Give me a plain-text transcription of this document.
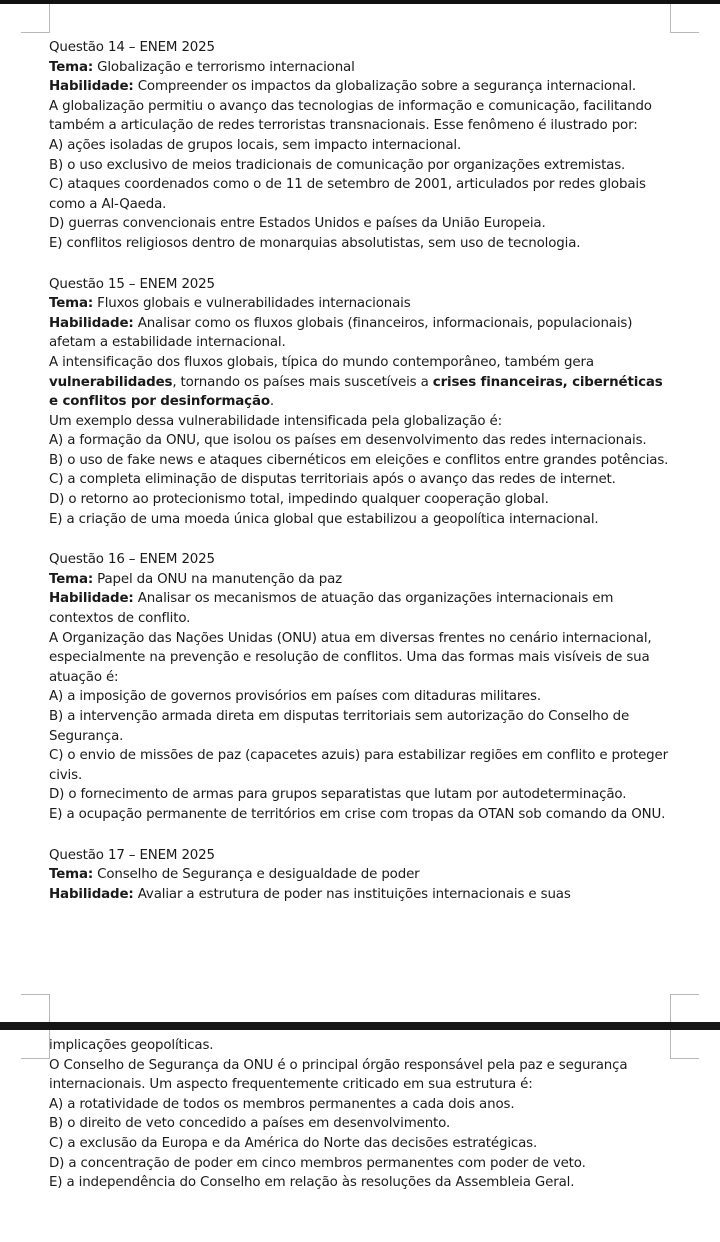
Questão 14 – ENEM 2025

Tema: Globalização e terrorismo internacional

Habilidade: Compreender os impactos da globalização sobre a segurança internacional.

A globalização permitiu o avanço das tecnologias de informação e comunicação, facilitando também a articulação de redes terroristas transnacionais. Esse fenômeno é ilustrado por:

A) ações isoladas de grupos locais, sem impacto internacional.

B) o uso exclusivo de meios tradicionais de comunicação por organizações extremistas.

C) ataques coordenados como o de 11 de setembro de 2001, articulados por redes globais como a Al-Qaeda.

D) guerras convencionais entre Estados Unidos e países da União Europeia.

E) conflitos religiosos dentro de monarquias absolutistas, sem uso de tecnologia.

Questão 15 – ENEM 2025

Tema: Fluxos globais e vulnerabilidades internacionais

Habilidade: Analisar como os fluxos globais (financeiros, informacionais, populacionais) afetam a estabilidade internacional.

A intensificação dos fluxos globais, típica do mundo contemporâneo, também gera vulnerabilidades, tornando os países mais suscetíveis a crises financeiras, cibernéticas e conflitos por desinformação.

Um exemplo dessa vulnerabilidade intensificada pela globalização é:

A) a formação da ONU, que isolou os países em desenvolvimento das redes internacionais.

B) o uso de fake news e ataques cibernéticos em eleições e conflitos entre grandes potências.

C) a completa eliminação de disputas territoriais após o avanço das redes de internet.

D) o retorno ao protecionismo total, impedindo qualquer cooperação global.

E) a criação de uma moeda única global que estabilizou a geopolítica internacional.

Questão 16 – ENEM 2025

Tema: Papel da ONU na manutenção da paz

Habilidade: Analisar os mecanismos de atuação das organizações internacionais em contextos de conflito.

A Organização das Nações Unidas (ONU) atua em diversas frentes no cenário internacional, especialmente na prevenção e resolução de conflitos. Uma das formas mais visíveis de sua atuação é:

A) a imposição de governos provisórios em países com ditaduras militares.

B) a intervenção armada direta em disputas territoriais sem autorização do Conselho de Segurança.

C) o envio de missões de paz (capacetes azuis) para estabilizar regiões em conflito e proteger civis.

D) o fornecimento de armas para grupos separatistas que lutam por autodeterminação.

E) a ocupação permanente de territórios em crise com tropas da OTAN sob comando da ONU.

Questão 17 – ENEM 2025

Tema: Conselho de Segurança e desigualdade de poder

Habilidade: Avaliar a estrutura de poder nas instituições internacionais e suas

implicações geopolíticas.

O Conselho de Segurança da ONU é o principal órgão responsável pela paz e segurança internacionais. Um aspecto frequentemente criticado em sua estrutura é:

A) a rotatividade de todos os membros permanentes a cada dois anos.

B) o direito de veto concedido a países em desenvolvimento.

C) a exclusão da Europa e da América do Norte das decisões estratégicas.

D) a concentração de poder em cinco membros permanentes com poder de veto.

E) a independência do Conselho em relação às resoluções da Assembleia Geral.
